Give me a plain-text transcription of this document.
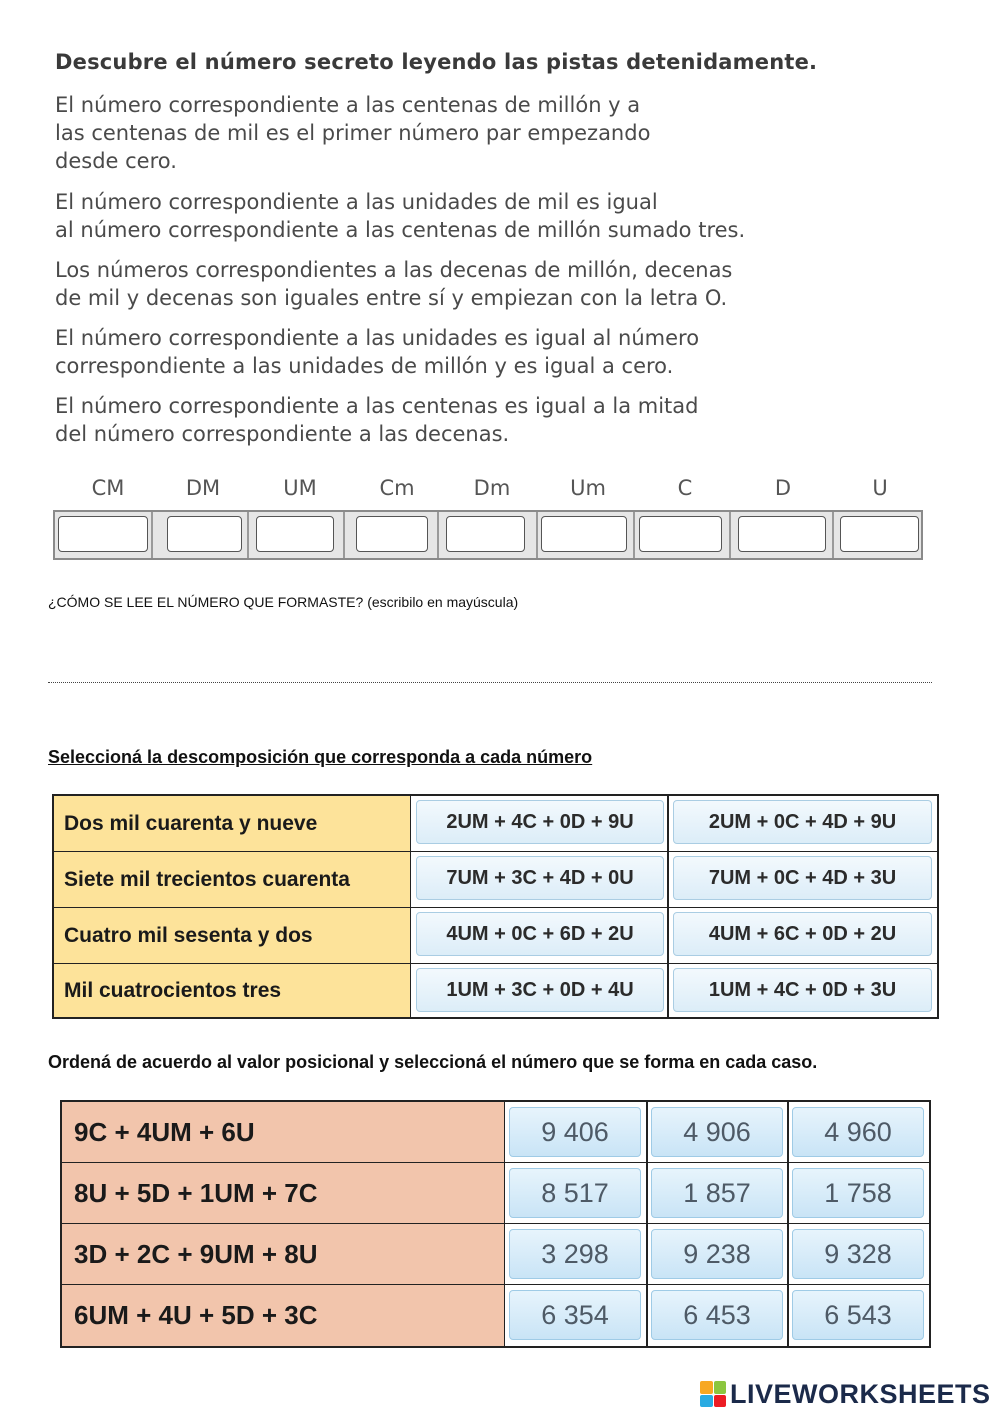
Descubre el número secreto leyendo las pistas detenidamente.
El número correspondiente a las centenas de millón y a
las centenas de mil es el primer número par empezando
desde cero.
El número correspondiente a las unidades de mil es igual
al número correspondiente a las centenas de millón sumado tres.
Los números correspondientes a las decenas de millón, decenas
de mil y decenas son iguales entre sí y empiezan con la letra O.
El número correspondiente a las unidades es igual al número
correspondiente a las unidades de millón y es igual a cero.
El número correspondiente a las centenas es igual a la mitad
del número correspondiente a las decenas.
CM	DM	UM	Cm	Dm	Um	C	D	U
¿CÓMO SE LEE EL NÚMERO QUE FORMASTE? (escribilo en mayúscula)
Seleccioná la descomposición que corresponda a cada número
Dos mil cuarenta y nueve	2UM + 4C + 0D + 9U	2UM + 0C + 4D + 9U
Siete mil trecientos cuarenta	7UM + 3C + 4D + 0U	7UM + 0C + 4D + 3U
Cuatro mil sesenta y dos	4UM + 0C + 6D + 2U	4UM + 6C + 0D + 2U
Mil cuatrocientos tres	1UM + 3C + 0D + 4U	1UM + 4C + 0D + 3U
Ordená de acuerdo al valor posicional y seleccioná el número que se forma en cada caso.
9C + 4UM + 6U	9 406	4 906	4 960
8U + 5D + 1UM + 7C	8 517	1 857	1 758
3D + 2C + 9UM + 8U	3 298	9 238	9 328
6UM + 4U + 5D + 3C	6 354	6 453	6 543
LIVEWORKSHEETS
